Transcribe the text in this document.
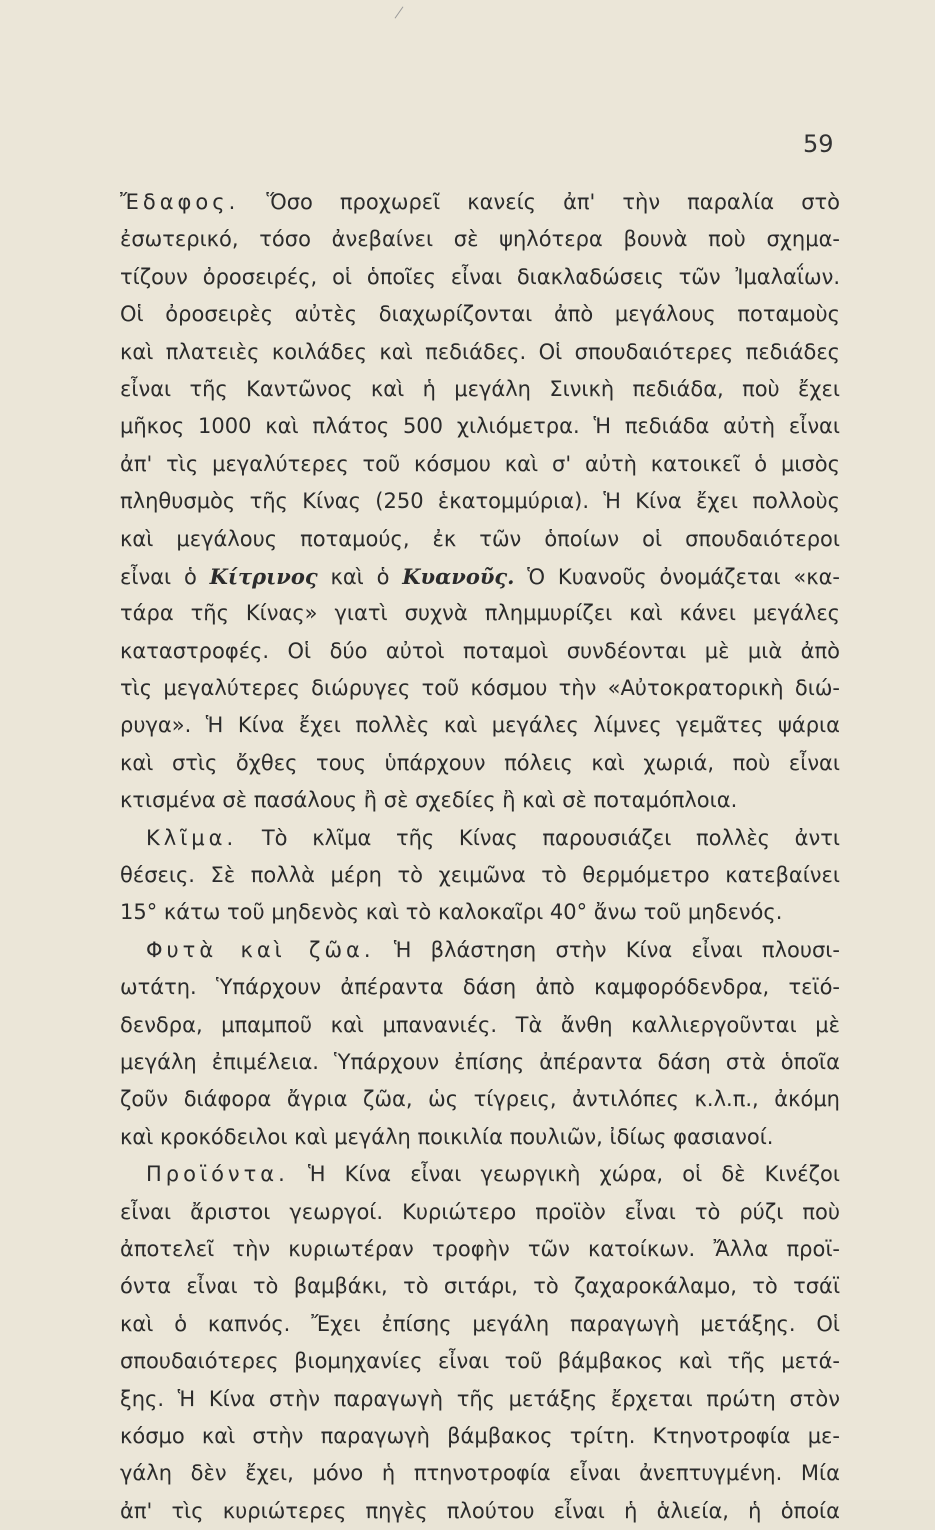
59
Ἔδαφος. Ὅσο προχωρεῖ κανείς ἀπ' τὴν παραλία στὸ
ἐσωτερικό, τόσο ἀνεβαίνει σὲ ψηλότερα βουνὰ ποὺ σχημα-
τίζουν ὀροσειρές, οἱ ὁποῖες εἶναι διακλαδώσεις τῶν Ἰμαλαΐων.
Οἱ ὀροσειρὲς αὐτὲς διαχωρίζονται ἀπὸ μεγάλους ποταμοὺς
καὶ πλατειὲς κοιλάδες καὶ πεδιάδες. Οἱ σπουδαιότερες πεδιάδες
εἶναι τῆς Καντῶνος καὶ ἡ μεγάλη Σινικὴ πεδιάδα, ποὺ ἔχει
μῆκος 1000 καὶ πλάτος 500 χιλιόμετρα. Ἡ πεδιάδα αὐτὴ εἶναι
ἀπ' τὶς μεγαλύτερες τοῦ κόσμου καὶ σ' αὐτὴ κατοικεῖ ὁ μισὸς
πληθυσμὸς τῆς Κίνας (250 ἑκατομμύρια). Ἡ Κίνα ἔχει πολλοὺς
καὶ μεγάλους ποταμούς, ἐκ τῶν ὁποίων οἱ σπουδαιότεροι
εἶναι ὁ Κίτρινος καὶ ὁ Κυανοῦς. Ὁ Κυανοῦς ὀνομάζεται «κα-
τάρα τῆς Κίνας» γιατὶ συχνὰ πλημμυρίζει καὶ κάνει μεγάλες
καταστροφές. Οἱ δύο αὐτοὶ ποταμοὶ συνδέονται μὲ μιὰ ἀπὸ
τὶς μεγαλύτερες διώρυγες τοῦ κόσμου τὴν «Αὐτοκρατορικὴ διώ-
ρυγα». Ἡ Κίνα ἔχει πολλὲς καὶ μεγάλες λίμνες γεμᾶτες ψάρια
καὶ στὶς ὄχθες τους ὑπάρχουν πόλεις καὶ χωριά, ποὺ εἶναι
κτισμένα σὲ πασάλους ἢ σὲ σχεδίες ἢ καὶ σὲ ποταμόπλοια.
Κλῖμα. Τὸ κλῖμα τῆς Κίνας παρουσιάζει πολλὲς ἀντι
θέσεις. Σὲ πολλὰ μέρη τὸ χειμῶνα τὸ θερμόμετρο κατεβαίνει
15° κάτω τοῦ μηδενὸς καὶ τὸ καλοκαῖρι 40° ἄνω τοῦ μηδενός.
Φυτὰ καὶ ζῶα. Ἡ βλάστηση στὴν Κίνα εἶναι πλουσι-
ωτάτη. Ὑπάρχουν ἀπέραντα δάση ἀπὸ καμφορόδενδρα, τεϊό-
δενδρα, μπαμποῦ καὶ μπανανιές. Τὰ ἄνθη καλλιεργοῦνται μὲ
μεγάλη ἐπιμέλεια. Ὑπάρχουν ἐπίσης ἀπέραντα δάση στὰ ὁποῖα
ζοῦν διάφορα ἄγρια ζῶα, ὡς τίγρεις, ἀντιλόπες κ.λ.π., ἀκόμη
καὶ κροκόδειλοι καὶ μεγάλη ποικιλία πουλιῶν, ἰδίως φασιανοί.
Προϊόντα. Ἡ Κίνα εἶναι γεωργικὴ χώρα, οἱ δὲ Κινέζοι
εἶναι ἄριστοι γεωργοί. Κυριώτερο προϊὸν εἶναι τὸ ρύζι ποὺ
ἀποτελεῖ τὴν κυριωτέραν τροφὴν τῶν κατοίκων. Ἄλλα προϊ-
όντα εἶναι τὸ βαμβάκι, τὸ σιτάρι, τὸ ζαχαροκάλαμο, τὸ τσάϊ
καὶ ὁ καπνός. Ἔχει ἐπίσης μεγάλη παραγωγὴ μετάξης. Οἱ
σπουδαιότερες βιομηχανίες εἶναι τοῦ βάμβακος καὶ τῆς μετά-
ξης. Ἡ Κίνα στὴν παραγωγὴ τῆς μετάξης ἔρχεται πρώτη στὸν
κόσμο καὶ στὴν παραγωγὴ βάμβακος τρίτη. Κτηνοτροφία με-
γάλη δὲν ἔχει, μόνο ἡ πτηνοτροφία εἶναι ἀνεπτυγμένη. Μία
ἀπ' τὶς κυριώτερες πηγὲς πλούτου εἶναι ἡ ἁλιεία, ἡ ὁποία
